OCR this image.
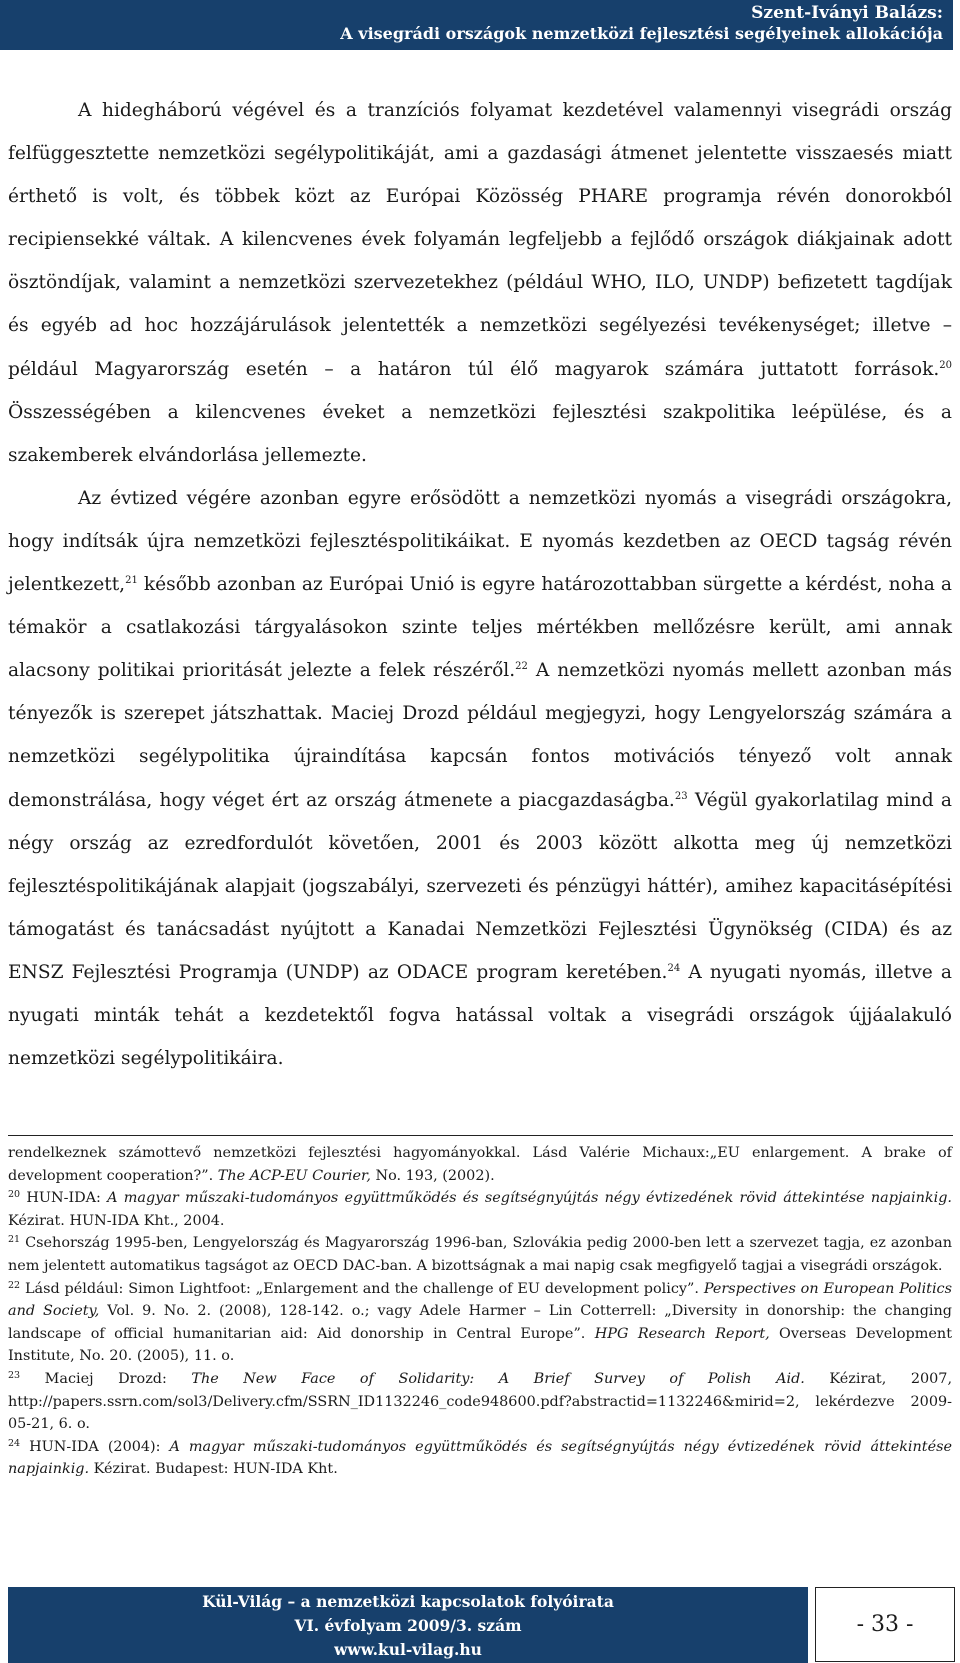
Szent-Iványi Balázs:
A visegrádi országok nemzetközi fejlesztési segélyeinek allokációja

A hidegháború végével és a tranzíciós folyamat kezdetével valamennyi visegrádi ország felfüggesztette nemzetközi segélypolitikáját, ami a gazdasági átmenet jelentette visszaesés miatt érthető is volt, és többek közt az Európai Közösség PHARE programja révén donorokból recipiensekké váltak. A kilencvenes évek folyamán legfeljebb a fejlődő országok diákjainak adott ösztöndíjak, valamint a nemzetközi szervezetekhez (például WHO, ILO, UNDP) befizetett tagdíjak és egyéb ad hoc hozzájárulások jelentették a nemzetközi segélyezési tevékenységet; illetve – például Magyarország esetén – a határon túl élő magyarok számára juttatott források.$^{20}$ Összességében a kilencvenes éveket a nemzetközi fejlesztési szakpolitika leépülése, és a szakemberek elvándorlása jellemezte.

Az évtized végére azonban egyre erősödött a nemzetközi nyomás a visegrádi országokra, hogy indítsák újra nemzetközi fejlesztéspolitikáikat. E nyomás kezdetben az OECD tagság révén jelentkezett,$^{21}$ később azonban az Európai Unió is egyre határozottabban sürgette a kérdést, noha a témakör a csatlakozási tárgyalásokon szinte teljes mértékben mellőzésre került, ami annak alacsony politikai prioritását jelezte a felek részéről.$^{22}$ A nemzetközi nyomás mellett azonban más tényezők is szerepet játszhattak. Maciej Drozd például megjegyzi, hogy Lengyelország számára a nemzetközi segélypolitika újraindítása kapcsán fontos motivációs tényező volt annak demonstrálása, hogy véget ért az ország átmenete a piacgazdaságba.$^{23}$ Végül gyakorlatilag mind a négy ország az ezredfordulót követően, 2001 és 2003 között alkotta meg új nemzetközi fejlesztéspolitikájának alapjait (jogszabályi, szervezeti és pénzügyi háttér), amihez kapacitásépítési támogatást és tanácsadást nyújtott a Kanadai Nemzetközi Fejlesztési Ügynökség (CIDA) és az ENSZ Fejlesztési Programja (UNDP) az ODACE program keretében.$^{24}$ A nyugati nyomás, illetve a nyugati minták tehát a kezdetektől fogva hatással voltak a visegrádi országok újjáalakuló nemzetközi segélypolitikáira.

rendelkeznek számottevő nemzetközi fejlesztési hagyományokkal. Lásd Valérie Michaux:„EU enlargement. A brake of development cooperation?”. The ACP-EU Courier, No. 193, (2002).

$^{20}$ HUN-IDA: A magyar műszaki-tudományos együttműködés és segítségnyújtás négy évtizedének rövid áttekintése napjainkig. Kézirat. HUN-IDA Kht., 2004.

$^{21}$ Csehország 1995-ben, Lengyelország és Magyarország 1996-ban, Szlovákia pedig 2000-ben lett a szervezet tagja, ez azonban nem jelentett automatikus tagságot az OECD DAC-ban. A bizottságnak a mai napig csak megfigyelő tagjai a visegrádi országok.

$^{22}$ Lásd például: Simon Lightfoot: „Enlargement and the challenge of EU development policy”. Perspectives on European Politics and Society, Vol. 9. No. 2. (2008), 128-142. o.; vagy Adele Harmer – Lin Cotterrell: „Diversity in donorship: the changing landscape of official humanitarian aid: Aid donorship in Central Europe”. HPG Research Report, Overseas Development Institute, No. 20. (2005), 11. o.

$^{23}$ Maciej Drozd: The New Face of Solidarity: A Brief Survey of Polish Aid. Kézirat, 2007, http://papers.ssrn.com/sol3/Delivery.cfm/SSRN_ID1132246_code948600.pdf?abstractid=1132246&mirid=2, lekérdezve 2009-05-21, 6. o.

$^{24}$ HUN-IDA (2004): A magyar műszaki-tudományos együttműködés és segítségnyújtás négy évtizedének rövid áttekintése napjainkig. Kézirat. Budapest: HUN-IDA Kht.

Kül-Világ – a nemzetközi kapcsolatok folyóirata
VI. évfolyam 2009/3. szám
www.kul-vilag.hu
- 33 -
